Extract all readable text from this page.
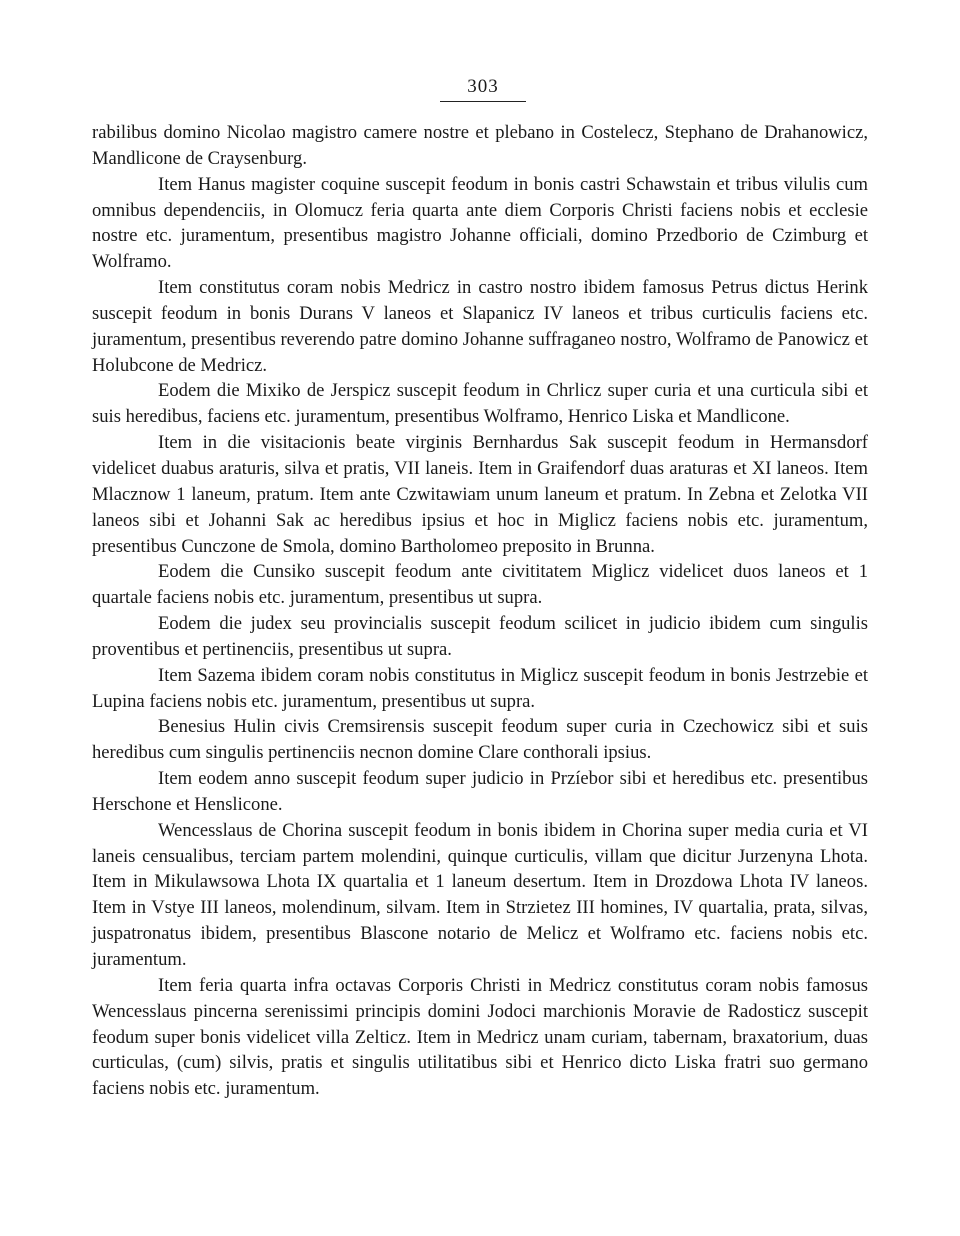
303

rabilibus domino Nicolao magistro camere nostre et plebano in Costelecz, Stephano de Drahanowicz, Mandlicone de Craysenburg.

Item Hanus magister coquine suscepit feodum in bonis castri Schawstain et tribus vilulis cum omnibus dependenciis, in Olomucz feria quarta ante diem Corporis Christi faciens nobis et ecclesie nostre etc. juramentum, presentibus magistro Johanne officiali, domino Przedborio de Czimburg et Wolframo.

Item constitutus coram nobis Medricz in castro nostro ibidem famosus Petrus dictus Herink suscepit feodum in bonis Durans V laneos et Slapanicz IV laneos et tribus curticulis faciens etc. juramentum, presentibus reverendo patre domino Johanne suffraganeo nostro, Wolframo de Panowicz et Holubcone de Medricz.

Eodem die Mixiko de Jerspicz suscepit feodum in Chrlicz super curia et una curticula sibi et suis heredibus, faciens etc. juramentum, presentibus Wolframo, Henrico Liska et Mandlicone.

Item in die visitacionis beate virginis Bernhardus Sak suscepit feodum in Hermansdorf videlicet duabus araturis, silva et pratis, VII laneis. Item in Graifendorf duas araturas et XI laneos. Item Mlacznow 1 laneum, pratum. Item ante Czwitawiam unum laneum et pratum. In Zebna et Zelotka VII laneos sibi et Johanni Sak ac heredibus ipsius et hoc in Miglicz faciens nobis etc. juramentum, presentibus Cunczone de Smola, domino Bartholomeo preposito in Brunna.

Eodem die Cunsiko suscepit feodum ante civititatem Miglicz videlicet duos laneos et 1 quartale faciens nobis etc. juramentum, presentibus ut supra.

Eodem die judex seu provincialis suscepit feodum scilicet in judicio ibidem cum singulis proventibus et pertinenciis, presentibus ut supra.

Item Sazema ibidem coram nobis constitutus in Miglicz suscepit feodum in bonis Jestrzebie et Lupina faciens nobis etc. juramentum, presentibus ut supra.

Benesius Hulin civis Cremsirensis suscepit feodum super curia in Czechowicz sibi et suis heredibus cum singulis pertinenciis necnon domine Clare conthorali ipsius.

Item eodem anno suscepit feodum super judicio in Przíebor sibi et heredibus etc. presentibus Herschone et Henslicone.

Wencesslaus de Chorina suscepit feodum in bonis ibidem in Chorina super media curia et VI laneis censualibus, terciam partem molendini, quinque curticulis, villam que dicitur Jurzenyna Lhota. Item in Mikulawsowa Lhota IX quartalia et 1 laneum desertum. Item in Drozdowa Lhota IV laneos. Item in Vstye III laneos, molendinum, silvam. Item in Strzietez III homines, IV quartalia, prata, silvas, juspatronatus ibidem, presentibus Blascone notario de Melicz et Wolframo etc. faciens nobis etc. juramentum.

Item feria quarta infra octavas Corporis Christi in Medricz constitutus coram nobis famosus Wencesslaus pincerna serenissimi principis domini Jodoci marchionis Moravie de Radosticz suscepit feodum super bonis videlicet villa Zelticz. Item in Medricz unam curiam, tabernam, braxatorium, duas curticulas, (cum) silvis, pratis et singulis utilitatibus sibi et Henrico dicto Liska fratri suo germano faciens nobis etc. juramentum.
